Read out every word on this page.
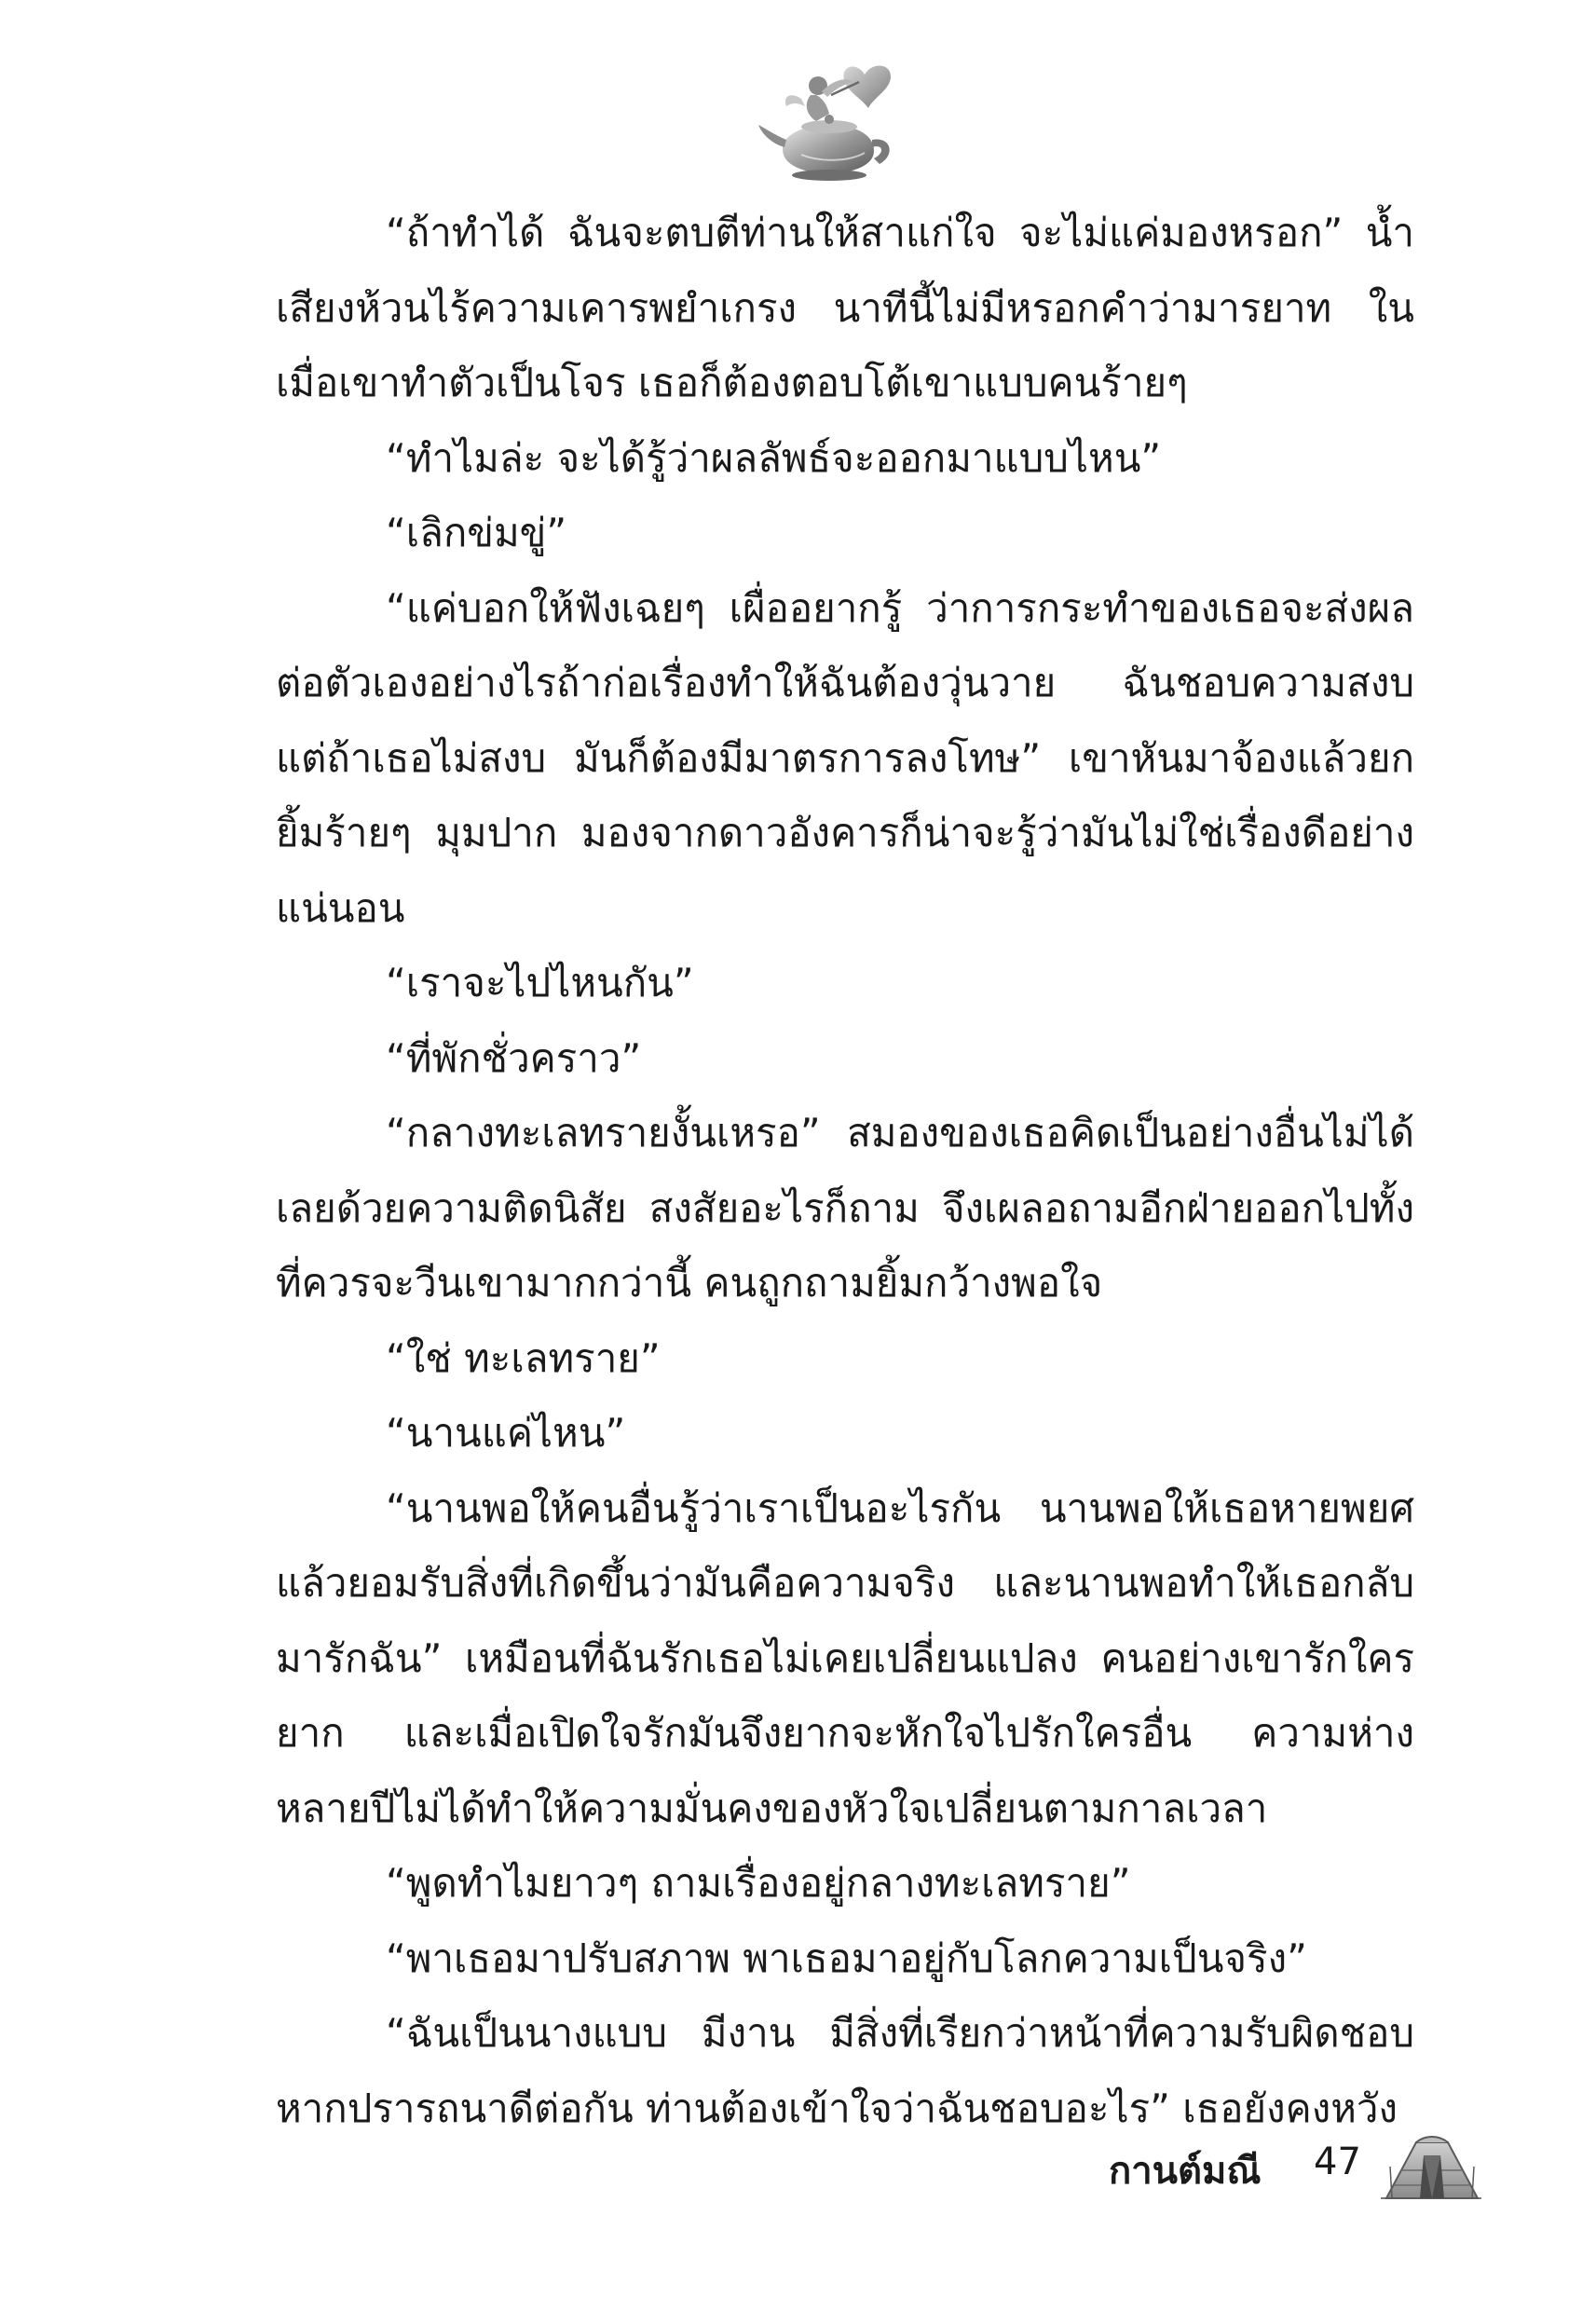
“ถ้าทำได้ ฉันจะตบตีท่านให้สาแก่ใจ จะไม่แค่มองหรอก” น้ำเสียงห้วนไร้ความเคารพยำเกรง นาทีนี้ไม่มีหรอกคำว่ามารยาท ในเมื่อเขาทำตัวเป็นโจร เธอก็ต้องตอบโต้เขาแบบคนร้ายๆ

“ทำไมล่ะ จะได้รู้ว่าผลลัพธ์จะออกมาแบบไหน”

“เลิกข่มขู่”

“แค่บอกให้ฟังเฉยๆ เผื่ออยากรู้ ว่าการกระทำของเธอจะส่งผลต่อตัวเองอย่างไรถ้าก่อเรื่องทำให้ฉันต้องวุ่นวาย ฉันชอบความสงบ แต่ถ้าเธอไม่สงบ มันก็ต้องมีมาตรการลงโทษ” เขาหันมาจ้องแล้วยกยิ้มร้ายๆ มุมปาก มองจากดาวอังคารก็น่าจะรู้ว่ามันไม่ใช่เรื่องดีอย่างแน่นอน

“เราจะไปไหนกัน”

“ที่พักชั่วคราว”

“กลางทะเลทรายงั้นเหรอ” สมองของเธอคิดเป็นอย่างอื่นไม่ได้เลยด้วยความติดนิสัย สงสัยอะไรก็ถาม จึงเผลอถามอีกฝ่ายออกไปทั้งที่ควรจะวีนเขามากกว่านี้ คนถูกถามยิ้มกว้างพอใจ

“ใช่ ทะเลทราย”

“นานแค่ไหน”

“นานพอให้คนอื่นรู้ว่าเราเป็นอะไรกัน นานพอให้เธอหายพยศแล้วยอมรับสิ่งที่เกิดขึ้นว่ามันคือความจริง และนานพอทำให้เธอกลับมารักฉัน” เหมือนที่ฉันรักเธอไม่เคยเปลี่ยนแปลง คนอย่างเขารักใครยาก และเมื่อเปิดใจรักมันจึงยากจะหักใจไปรักใครอื่น ความห่างหลายปีไม่ได้ทำให้ความมั่นคงของหัวใจเปลี่ยนตามกาลเวลา

“พูดทำไมยาวๆ ถามเรื่องอยู่กลางทะเลทราย”

“พาเธอมาปรับสภาพ พาเธอมาอยู่กับโลกความเป็นจริง”

“ฉันเป็นนางแบบ มีงาน มีสิ่งที่เรียกว่าหน้าที่ความรับผิดชอบ หากปรารถนาดีต่อกัน ท่านต้องเข้าใจว่าฉันชอบอะไร” เธอยังคงหวัง

กานต์มณี 47
